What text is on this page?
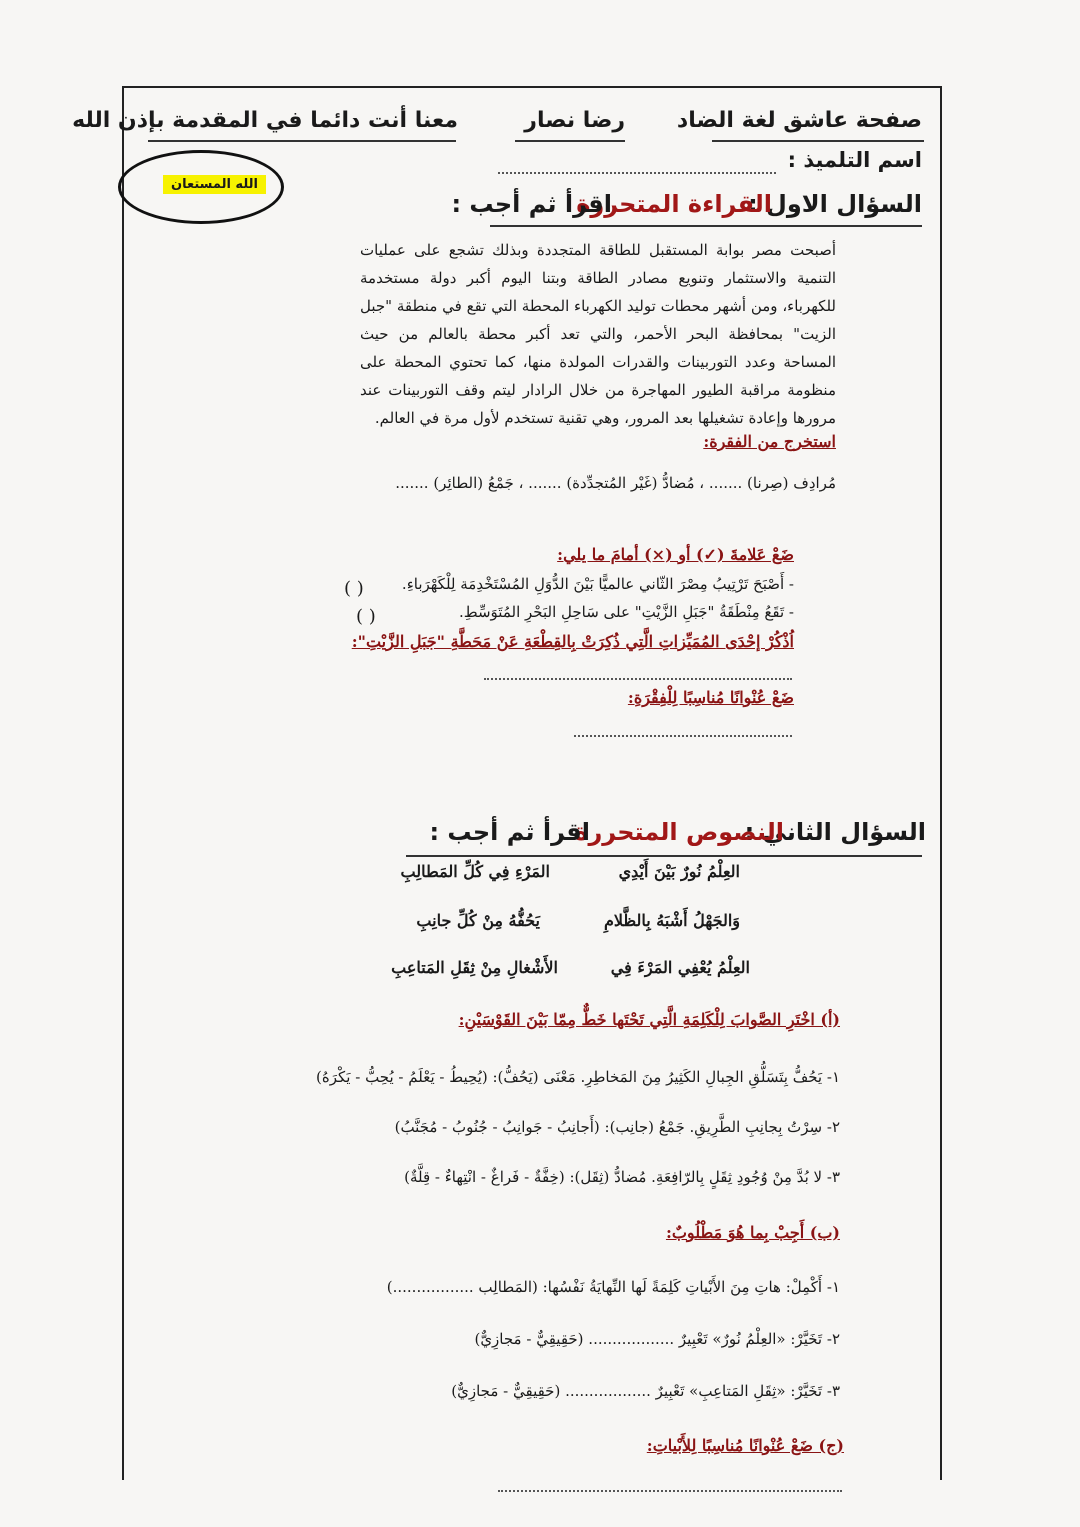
صفحة عاشق لغة الضاد
رضا نصار
معنا أنت دائما في المقدمة بإذن الله
اسم التلميذ :
الله المستعان
السؤال الاول :
القراءة المتحررة
اقرأ ثم أجب :
أصبحت مصر بوابة المستقبل للطاقة المتجددة وبذلك تشجع على عمليات التنمية والاستثمار وتنويع مصادر الطاقة وبتنا اليوم أكبر دولة مستخدمة للكهرباء، ومن أشهر محطات توليد الكهرباء المحطة التي تقع في منطقة "جبل الزيت" بمحافظة البحر الأحمر، والتي تعد أكبر محطة بالعالم من حيث المساحة وعدد التوربينات والقدرات المولدة منها، كما تحتوي المحطة على منظومة مراقبة الطيور المهاجرة من خلال الرادار ليتم وقف التوربينات عند مرورها وإعادة تشغيلها بعد المرور، وهي تقنية تستخدم لأول مرة في العالم.
استخرج من الفقرة:
مُرادِف (صِرنا) ....... ، مُضادُّ (غَيْر المُتجدِّدة) ....... ، جَمْعُ (الطائِر) .......
ضَعْ عَلامةَ (✓) أو (×) أمامَ ما يلي:
- أَصْبَحَ تَرْتِيبُ مِصْرَ الثّاني عالميًّا بَيْنَ الدُّوَلِ المُسْتَخْدِمَة لِلْكَهْرَباءِ.
- تَقَعُ مِنْطَقَةُ "جَبَلِ الزَّيْتِ" على سَاحِلِ البَحْرِ المُتَوَسِّطِ.
( )
( )
اُذْكُرْ إحْدَى المُمَيِّزاتِ الَّتِي ذُكِرَتْ بِالقِطْعَةِ عَنْ مَحَطَّةِ "جَبَلِ الزَّيْتِ":
ضَعْ عُنْوانًا مُناسِبًا لِلْفِقْرَةِ:
السؤال الثاني :
النصوص المتحررة
اقرأ ثم أجب :
العِلْمُ نُورٌ بَيْنَ أَيْدِي
المَرْءِ فِي كُلِّ المَطالِبِ
وَالجَهْلُ أَشْبَهُ بِالظَّلامِ
يَحُفُّهُ مِنْ كُلِّ جانِبِ
العِلْمُ يُعْفِي المَرْءَ فِي
الأَشْغالِ مِنْ ثِقَلِ المَتاعِبِ
(أ) اخْتَرِ الصَّوابَ لِلْكَلِمَةِ الَّتِي تَحْتَها خَطٌّ مِمّا بَيْنَ القَوْسَيْنِ:
١- يَحُفُّ بِتَسَلُّقِ الجِبالِ الكَثِيرُ مِنَ المَخاطِرِ. مَعْنَى (يَحُفُّ): (يُحِيطُ - يَعْلَمُ - يُحِبُّ - يَكْرَهُ)
٢- سِرْتُ بِجانِبِ الطَّرِيقِ. جَمْعُ (جانِب): (أَجانِبُ - جَوانِبُ - جُنُوبُ - مُجَنَّبُ)
٣- لا بُدَّ مِنْ وُجُودِ ثِقَلٍ بِالرّافِعَةِ. مُضادُّ (ثِقَل): (خِفَّةٌ - فَراغٌ - انْتِهاءٌ - قِلَّةٌ)
(ب) أَجِبْ بِما هُوَ مَطْلُوبٌ:
١- أَكْمِلْ: هاتِ مِنَ الأَبْياتِ كَلِمَةً لَها النِّهايَةُ نَفْسُها: (المَطالِب .................)
٢- تَخَيَّرْ: «العِلْمُ نُورٌ» تَعْبِيرٌ .................. (حَقِيقِيٌّ - مَجازِيٌّ)
٣- تَخَيَّرْ: «ثِقَلِ المَتاعِبِ» تَعْبِيرٌ .................. (حَقِيقِيٌّ - مَجازِيٌّ)
(ج) ضَعْ عُنْوانًا مُناسِبًا لِلأَبْياتِ:
